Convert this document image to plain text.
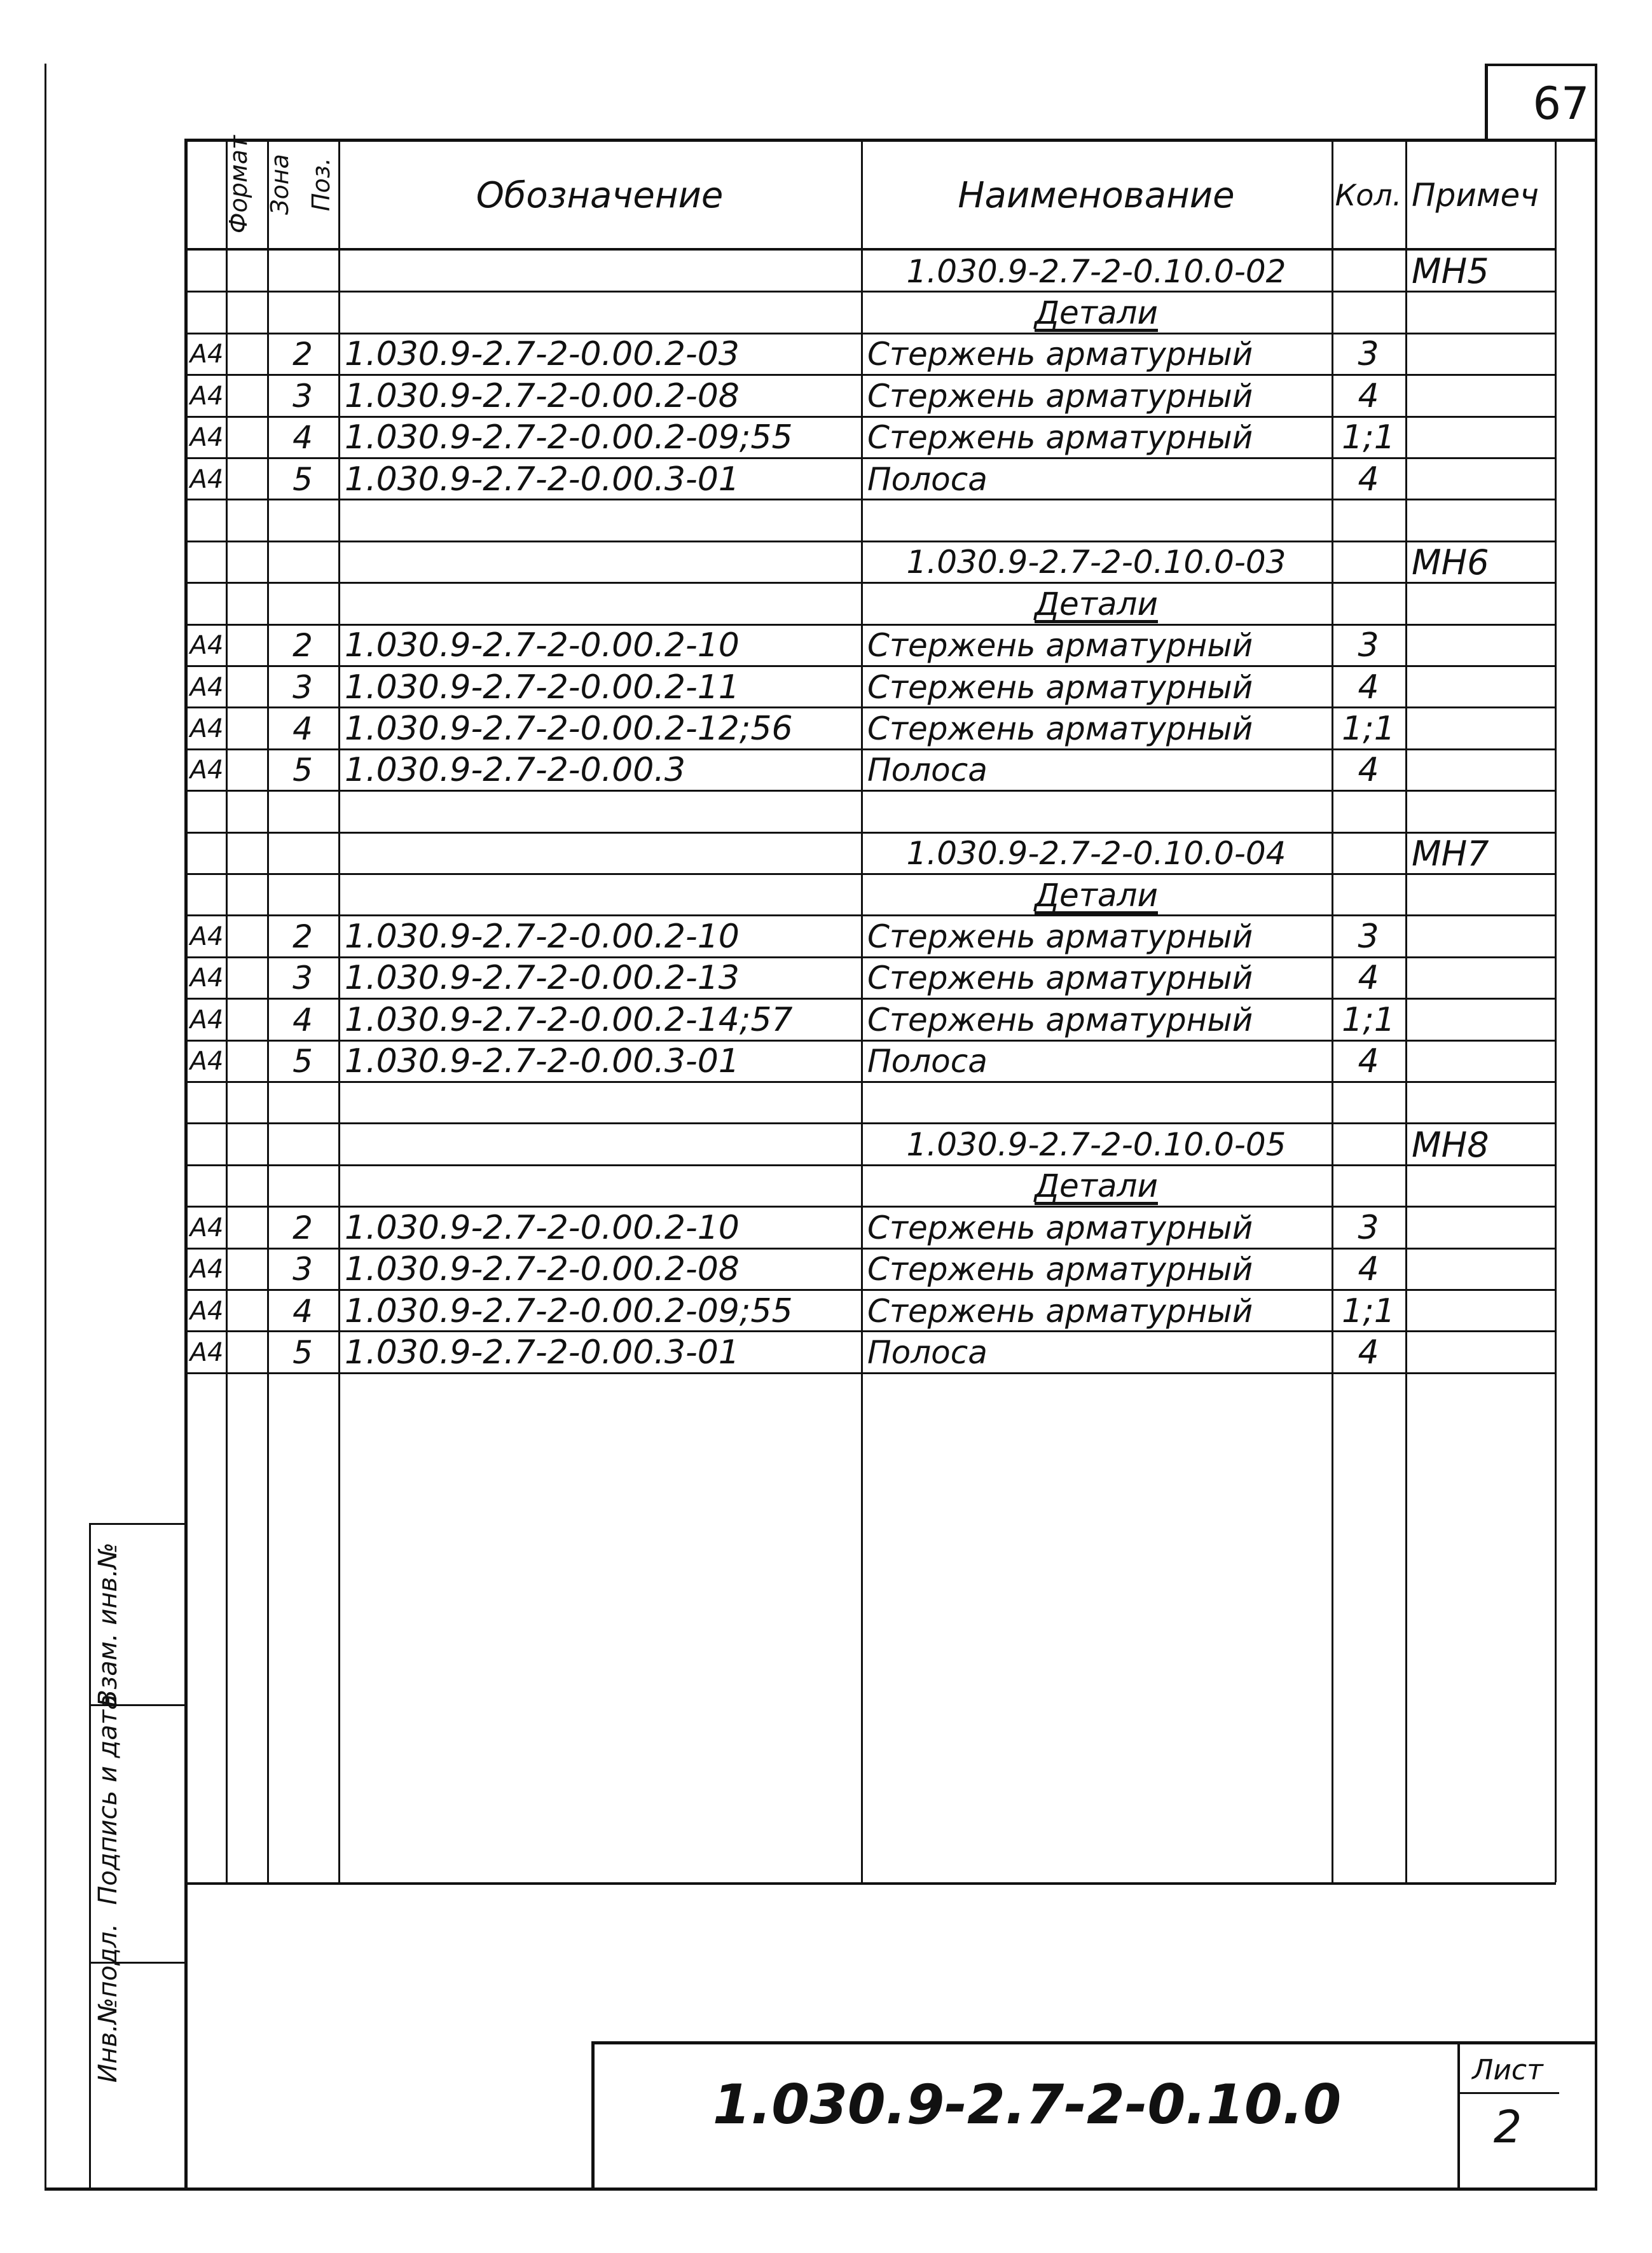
67
Формат Зона Поз.	Обозначение	Наименование	Кол. Примеч
1.030.9-2.7-2-0.10.0-02	МН5
Детали
А4	2 1.030.9-2.7-2-0.00.2-03	Стержень арматурный	3
А4	3 1.030.9-2.7-2-0.00.2-08	Стержень арматурный	4
А4	4 1.030.9-2.7-2-0.00.2-09;55	Стержень арматурный	1;1
А4	5 1.030.9-2.7-2-0.00.3-01	Полоса	4
1.030.9-2.7-2-0.10.0-03	МН6
Детали
А4	2 1.030.9-2.7-2-0.00.2-10	Стержень арматурный	3
А4	3 1.030.9-2.7-2-0.00.2-11	Стержень арматурный	4
А4	4 1.030.9-2.7-2-0.00.2-12;56	Стержень арматурный	1;1
А4	5 1.030.9-2.7-2-0.00.3	Полоса	4
1.030.9-2.7-2-0.10.0-04	МН7
Детали
А4	2 1.030.9-2.7-2-0.00.2-10	Стержень арматурный	3
А4	3 1.030.9-2.7-2-0.00.2-13	Стержень арматурный	4
А4	4 1.030.9-2.7-2-0.00.2-14;57	Стержень арматурный	1;1
А4	5 1.030.9-2.7-2-0.00.3-01	Полоса	4
1.030.9-2.7-2-0.10.0-05	МН8
Детали
А4	2 1.030.9-2.7-2-0.00.2-10	Стержень арматурный	3
А4	3 1.030.9-2.7-2-0.00.2-08	Стержень арматурный	4
А4	4 1.030.9-2.7-2-0.00.2-09;55	Стержень арматурный	1;1
А4	5 1.030.9-2.7-2-0.00.3-01	Полоса	4
Инв.№подл.
Подпись и дата
Взам. инв.№
1.030.9-2.7-2-0.10.0
Лист
2
